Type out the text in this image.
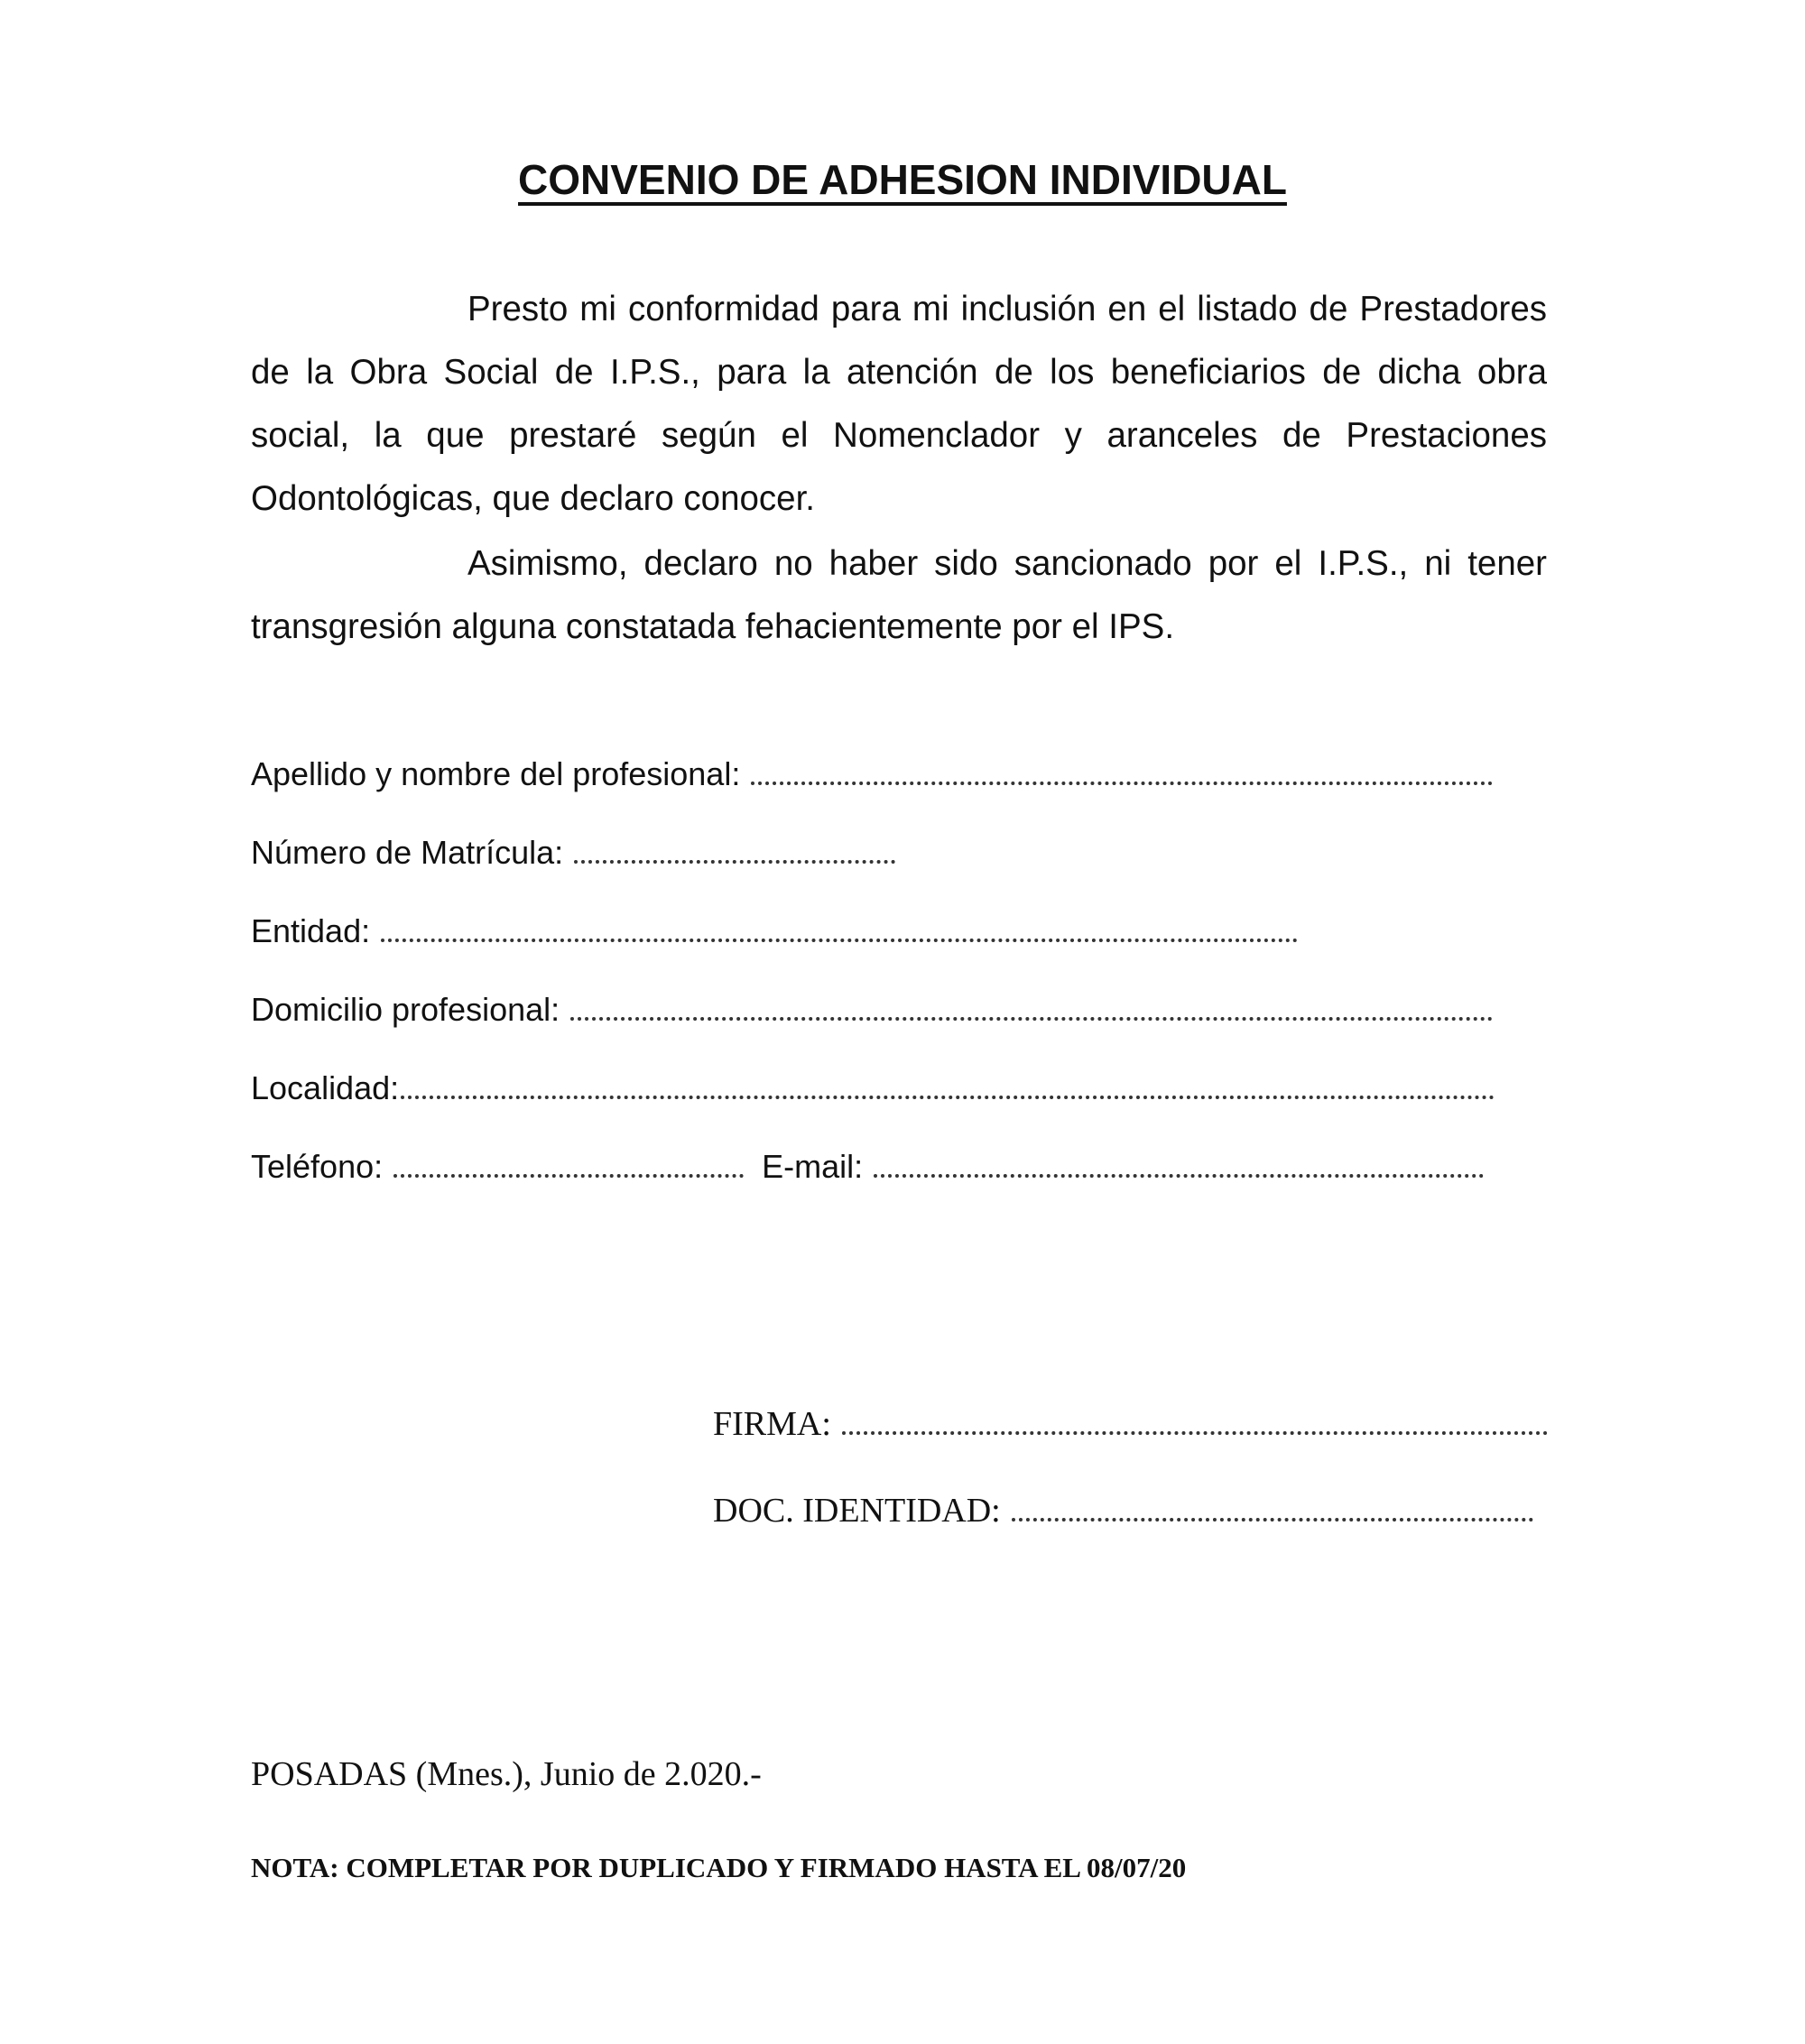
CONVENIO DE ADHESION INDIVIDUAL
Presto mi conformidad para mi inclusión en el listado de Prestadores de la Obra Social de I.P.S., para la atención de los beneficiarios de dicha obra social, la que prestaré según el Nomenclador y aranceles de Prestaciones Odontológicas, que declaro conocer.
Asimismo, declaro no haber sido sancionado por el I.P.S., ni tener transgresión alguna constatada fehacientemente por el IPS.
Apellido y nombre del profesional:
Número de Matrícula:
Entidad:
Domicilio profesional:
Localidad:
Teléfono:	E-mail:
FIRMA:
DOC. IDENTIDAD:
POSADAS (Mnes.), Junio de 2.020.-
NOTA: COMPLETAR POR DUPLICADO Y FIRMADO HASTA EL 08/07/20
